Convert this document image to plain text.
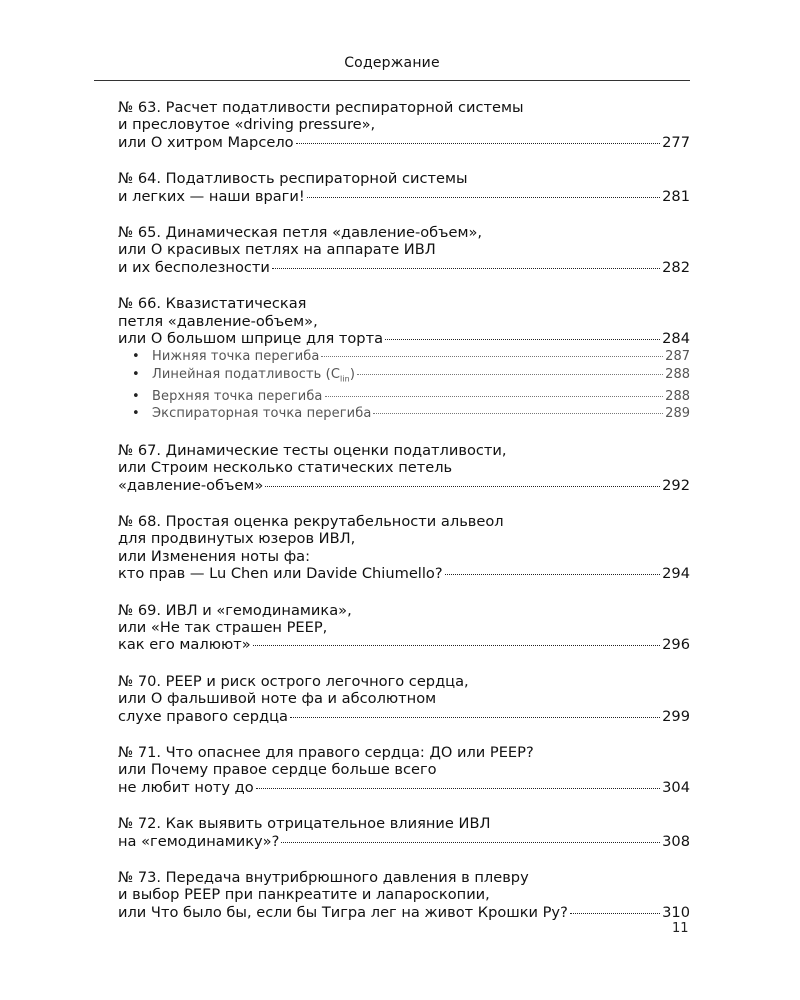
Содержание
№ 63. Расчет податливости респираторной системы
и пресловутое «driving pressure»,
или О хитром Марсело	277
№ 64. Податливость респираторной системы
и легких — наши враги!	281
№ 65. Динамическая петля «давление-объем»,
или О красивых петлях на аппарате ИВЛ
и их бесполезности	282
№ 66. Квазистатическая
петля «давление-объем»,
или О большом шприце для торта	284
• Нижняя точка перегиба	287
• Линейная податливость $(C_{lin})$	288
• Верхняя точка перегиба	288
• Экспираторная точка перегиба	289
№ 67. Динамические тесты оценки податливости,
или Строим несколько статических петель
«давление-объем»	292
№ 68. Простая оценка рекрутабельности альвеол
для продвинутых юзеров ИВЛ,
или Изменения ноты фа:
кто прав — Lu Chen или Davide Chiumello?	294
№ 69. ИВЛ и «гемодинамика»,
или «Не так страшен PEEP,
как его малюют»	296
№ 70. PEEP и риск острого легочного сердца,
или О фальшивой ноте фа и абсолютном
слухе правого сердца	299
№ 71. Что опаснее для правого сердца: ДО или PEEP?
или Почему правое сердце больше всего
не любит ноту до	304
№ 72. Как выявить отрицательное влияние ИВЛ
на «гемодинамику»?	308
№ 73. Передача внутрибрюшного давления в плевру
и выбор PEEP при панкреатите и лапароскопии,
или Что было бы, если бы Тигра лег на живот Крошки Ру?	310
11
